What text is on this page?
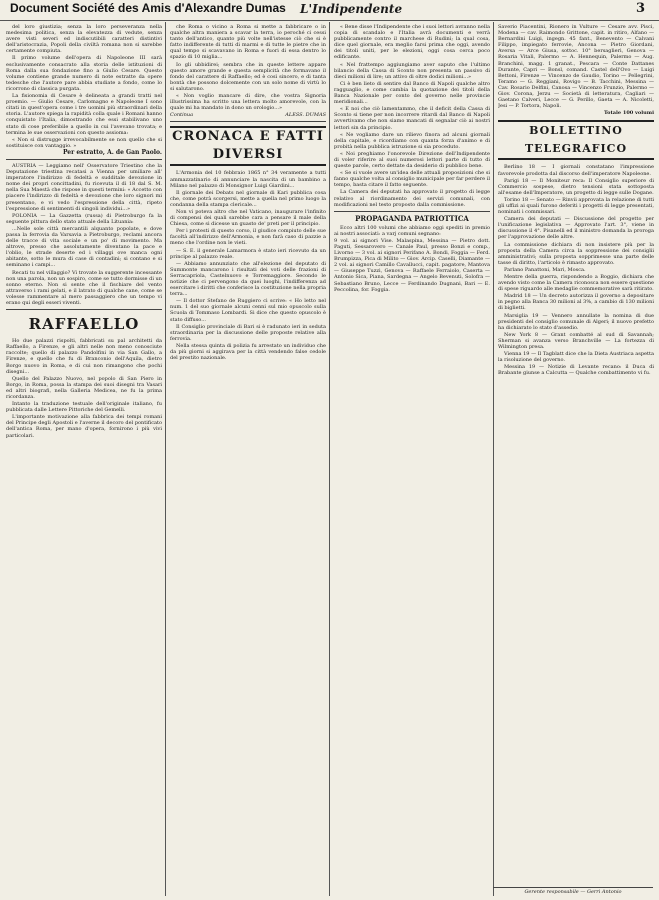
Document Société des Amis d'Alexandre Dumas L'Indipendente	3

del loro giustizia; senza la loro perseveranza nella medesima politica, senza la elevatezza di vedute, senza avere visti severi ed indiscutibili caratteri distintivi dell'aristocrazia, Popoli della civiltà romana non si sarebbe certamente compiuta.

Il primo volume dell'opera di Napoleone III sarà esclusivamente consacrato alla storia delle istituzioni di Roma dalla sua fondazione fino a Giulio Cesare. Questo volume contiene grande numero di note estratte da opere tedesche che l'autore pare abbia studiate a fondo, come lo ricorrono di classica purgata.

La fisionomia di Cesare è delineata a grandi tratti nel proemio. — Giulio Cesare, Carlomagno e Napoleone I sono citati in quest'opera come i tre uomini più straordinari della storia. L'autore spiega la rapidità colla quale i Romani hanno conquistato l'Italia, dimostrando che essi stabilivano uno stato di cose preferibile a quello in cui l'avevano trovata; e termina le sue osservazioni con questo assioma:

« Non si distrugge irrevocabilmente se non quello che si sostituisce con vantaggio. »

Per estratto, A. de Gan Paolo.

AUSTRIA — Leggiamo nell' Osservatore Triestino che la Deputazione triestina recatasi a Vienna per umiliare all' imperatore l'indirizzo di fedeltà e sudditale devozione in nome dei propri concittadini, fu ricevuta il dì 18 dal S. M. nella Sua Maestà che rispose in questi termini: « Accetto con piacere l'indirizzo di fedeltà e devozione che loro signori mi presentano, e vi vedo l'espressione della città, ripeto l'espressione di sentimenti di singoli individui...»

POLONIA — La Gazzetta (russa) di Pietroburgo fa la seguente pittura dello stato attuale della Lituania:

...Nelle sole città mercantili alquanto popolate, e dove passa la ferrovia da Varsavia a Pietroburgo, reclami ancora delle tracce di vita sociale e un po' di movimento. Ma altrove, presso che assolutamente diventano la pace e l'oblio, le strade deserte ed i villaggi ove manca ogni abitante, sotto le mura di case di contadini; si contano e si seminano i campi...

Recati tu nel villaggio? Vi trovate la suggerente incessante non una parola, non un sospiro, come se tutto dormisse di un sonno eterno. Non si sente che il fischiare del vento attraverso i rami gelati, e il latrato di qualche cane, come se volesse rammentare al mero passaggiero che un tempo vi erano qui degli esseri viventi.

RAFFAELLO

Ho due palazzi rispolti, fabbricati su pal architetti da Raffaello, a Firenze, e gli altri nelle non meno conosciute raccolte; quello di palazzo Pandolfini in via San Gallo, a Firenze, e quello che fu di Branconio dell'Aquila, dietro Borgo nuovo in Roma, e di cui non rimangono che pochi disegni...

Quello del Palazzo Nuovo, nel popolo di San Piero in Borgo, in Roma, possa la stampa dei suoi disegni tra Vasari ed altri biografi, nella Galleria Medicea, ne fu la prima ricordanza.

Intanto la traduzione testuale dell'originale italiano, fu pubblicata dalle Lettere Pittoriche del Gemelli.

L'importante motivazione alla fabbrica dei tempi romani del Principe degli Apostoli e l'averne il decoro del pontificato dell'antica Roma, per mano d'opera, fornirono i più vivi particolari.

che Roma o vicino a Roma si mette a fabbricare o in qualche altra maniera a scavar la terra, io peroché ci cessi tanto dell'antico, quanto più volte nell'istesse ciò che si è fatto indifferente di tutti di marmi e di tutte le pietre che in qual tempo si scavavano in Roma e fuori di essa dentro lo spazio di 10 miglia...

Io gli ubbidirei; sembra che in queste lettere appare questo amore grande e questa semplicità che formavano il fondo del carattere di Raffaello; ed è così sincero, e di tanta bontà che possono dolcemente con un solo nome di virtù lo si salutarono.

« Non voglio mancare di dire, che vostra Signoria illustrissima ha scritto una lettera molto amorevole, con la quale mi ha mandato in dono un orologio...»

Continua	ALESS. DUMAS
CRONACA E FATTI DIVERSI

L'Armonia del 10 febbraio 1865 n° 34 veramente a tutti ammazzatinario di annunciare la nascita di un bambino a Milano nel palazzo di Monsignor Luigi Giardini...

Il giornale dei Debats nel giornale di Kari pubblica cosa che, come potrà scorgersi, mette a quella nel primo luogo la condanna della stampa clericale...

Non vi poteva altro che nel Vaticano, inaugurare l'infinito di compensi dei quali sarebbe cara a pensare il male della Chiesa, come si dicesse un guasto de' preti per il principio.

Per i protesti di questo corso, il giudice compiuto delle sue facoltà all'indirizzo dell'Armonia, e non farà caso di pazzie a meno che l'ordine non le vieti.

— S. E. il generale Lamarmora è stato ieri ricevuto da un principe al palazzo reale.

— Abbiamo annunziato che all'elezione del deputato di Summonte mancarono i risultati dei voti delle frazioni di Serracapriola, Castelnuovo e Torremaggiore. Secondo le notizie che ci pervengono da quei luoghi, l'indifferenza ad esercitare i diritti che conferisce la costituzione nella propria terra...

— Il dottor Stefano de Ruggiero ci scrive: « Ho letto nel num. 1 del suo giornale alcuni cenni sul mio opuscolo sulla Scuola di Tommaso Lombardi. Si dice che questo opuscolo è stato diffuso...

Il Consiglio provinciale di Bari si è radunato ieri in seduta straordinaria per la discussione delle proposte relative alla ferrovia.

Nella stessa quinta di polizia fu arrestato un individuo che da più giorni si aggirava per la città vendendo false cedole del prestito nazionale.

« Bene disse l'Indipendente che i suoi lettori avranno nella copia di scandalo e l'Italia avrà documenti e verrà pubblicamente contro il marchese di Rudinì; la qual cosa, dice quel giornale, era meglio farsi prima che oggi, avendo dei titoli uniti, per le elezioni, oggi cosa cerca poco edificante.

« Nel frattempo aggiungiamo aver saputo che l'ultimo bilancio della Cassa di Sconto non presenta un passivo di dieci milioni di lire; un attivo di oltre dodici milioni...»

Ci è ben lieto di sentire dal Banco di Napoli qualche altro ragguaglio, e come cambia la quotazione dei titoli della Banca Nazionale per conto del governo nelle provincie meridionali...

« E noi che ciò lamentammo, che il deficit della Cassa di Sconto si tiene per non incorrere ritardi dal Banco di Napoli avvertivamo che non siamo mancati di segnalar ciò ai nostri lettori sin da principio.

« Ne vogliamo dare un rilievo finora ad alcuni giornali della capitale, e ricordiamo con quanta forza d'animo e di probità nella pubblica istruzione si sia proceduto.

« Noi preghiamo l'onorevole Direzione dell'Indipendente di voler riferire al suoi numerosi lettori parte di tutto di queste parole, certo dettate da desiderio di pubblico bene.

« Se si vuole avere un'idea delle attuali proposizioni che si fanno qualche volta al consiglio municipale per far perdere il tempo, basta citare il fatto seguente.

La Camera dei deputati ha approvato il progetto di legge relativo al riordinamento dei servizi comunali, con modificazioni nel testo proposto dalla commissione.

PROPAGANDA PATRIOTTICA

Ecco altri 100 volumi che abbiamo oggi spediti in premio ai nostri associati: a varj comuni segnano:

9 vol. ai signori Vise. Malaspina, Messina — Pietro dott. Paguti, Sessarovero — Canale Paul, presso Bonzi e comp., Livorno — 3 vol. ai signori Perifano A. Bondi, Foggia — Ferd. Brumpizza, Pica di Milito — Giov. Arcip. Caselli, Diamante — 2 vol. ai signori Camillo Cavallucci, capit. pagatore, Mantova — Giuseppe Tuzzi, Genova — Raffaele Ferraiolo, Caserta — Antonio Sica, Piana, Sardegna — Angelo Bevenuti, Solofra — Sebastiano Bruno, Lecce — Ferdinando Dugnani, Bari — E. Peccolina, for. Foggia.

Saverio Piacentini, Rionero in Vulture — Cesare avv. Pisci, Modena — cav. Raimondo Grittone, capit. in ritiro, Alfano — Bernardini Luigi, ingegn. 45 fant., Benevento — Calvani Filippo, impiegato ferrovie, Ancona — Pietro Giordani, Aversa — Arce Giusa, sottoc. 10° bersaglieri, Genova — Rosaria Vitali, Palermo — A. Hennequin, Palermo — Aug. Branchini, magg. 1 granat., Pescara — Conte Dattanes Durante, Capri — Bonsl, comand. Castel dell'Ovo — Luigi Bettoni, Firenze — Vincenzo de Gaudio, Torino — Pellegrini, Teramo — G. Reggiani, Rovigo — B. Tacchini, Messina — Cav. Rosario Delfini, Canosa — Vincenzo Frunzio, Palermo — Giov. Corona, Jerzu — Società di letteratura, Cagliari — Gaetano Calveri, Lecce — G. Perillo, Gaeta — A. Nicoletti, Jesi — P. Tortora, Napoli.

Totale 100 volumi
BOLLETTINO TELEGRAFICO

Berlino 18 — I giornali constatano l'impressione favorevole prodotta dal discorso dell'imperatore Napoleone.

Parigi 18 — Il Moniteur reca: Il Consiglio superiore di Commercio sospese, dietro tensioni stata sottoposta all'esame dell'Imperatore, un progetto di legge sulle Dogane.

Torino 18 — Senato — Rinvii approvata la relazione di tutti gli uffizi ai quali furono deferiti i progetti di legge presentati, nominati i commissari.

Camera dei deputati — Discussione del progetto per l'unificazione legislativa — Approvato l'art. 3°, viene in discussione il 4°. Pisanelli ed il ministro domanda la proroga per l'approvazione delle altre.

La commissione dichiara di non insistere più per la proposta della Camera circa la soppressione dei consiglii amministrativi; sulla proposta sopprimesse una parte delle tasse di diritto, l'articolo è rimasto approvato.

Parlano Panattoni, Mari, Mosca.

Mentre della guerra, rispondendo a Boggio, dichiara che avendo visto come la Camera riconosca non essere questione di spese riguardo alle medaglie commemorative sarà ritirato.

Madrid 18 — Un decreto autorizza il governo a depositare in pegno alla Banca 30 milioni al 3%, a cambio di 130 milioni di biglietti.

Marsiglia 19 — Vennero annullate la nomina di due presidenti del consiglio comunale di Algeri; il nuovo prefetto ha dichiarato lo stato d'assedio.

New York 8 — Grant combatté al sud di Savannah; Sherman si avanza verso Branchville — La fortezza di Wilmington presa.

Vienna 19 — Il Tagblatt dice che la Dieta Austriaca aspetta la risoluzione del governo.

Messina 19 — Notizie di Levante recano: il Duca di Brabante giunse a Calcutta — Qualche combattimento vi fu.

Gerente responsabile — Gerri Antonio
